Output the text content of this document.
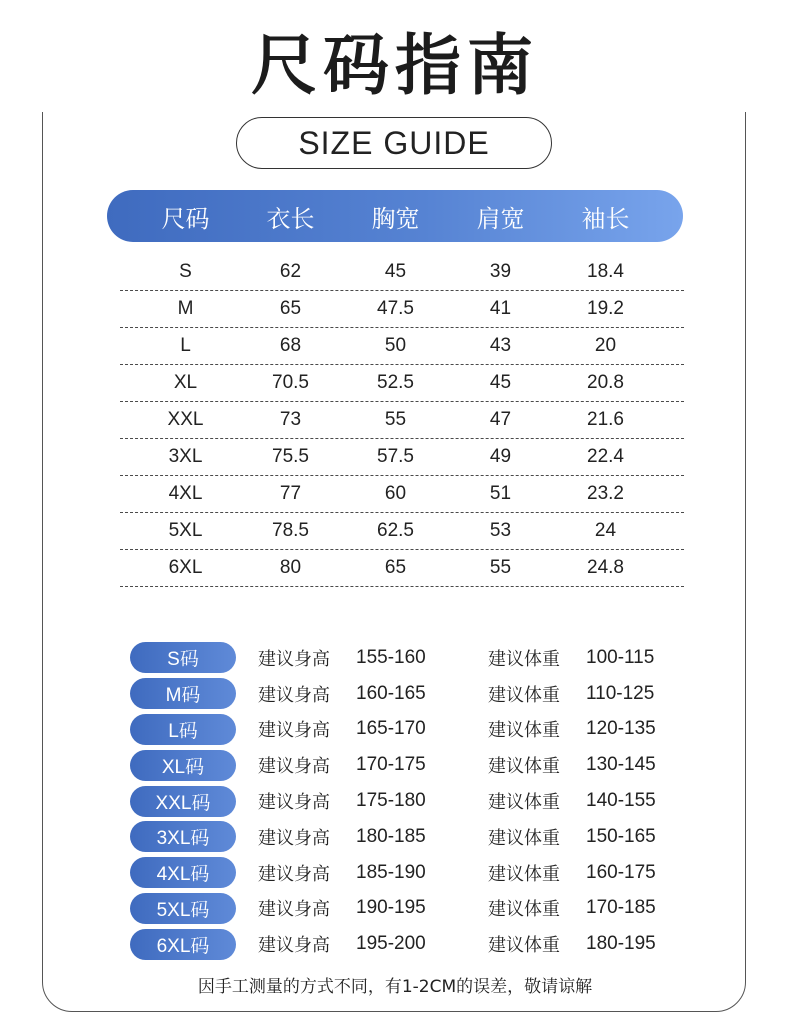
尺码指南
SIZE GUIDE
尺码	衣长	胸宽	肩宽	袖长
S	62	45	39	18.4
M	65	47.5	41	19.2
L	68	50	43	20
XL	70.5	52.5	45	20.8
XXL	73	55	47	21.6
3XL	75.5	57.5	49	22.4
4XL	77	60	51	23.2
5XL	78.5	62.5	53	24
6XL	80	65	55	24.8
S码	建议身高	155-160	建议体重	100-115
M码	建议身高	160-165	建议体重	110-125
L码	建议身高	165-170	建议体重	120-135
XL码	建议身高	170-175	建议体重	130-145
XXL码	建议身高	175-180	建议体重	140-155
3XL码	建议身高	180-185	建议体重	150-165
4XL码	建议身高	185-190	建议体重	160-175
5XL码	建议身高	190-195	建议体重	170-185
6XL码	建议身高	195-200	建议体重	180-195
因手工测量的方式不同，有1-2CM的误差，敬请谅解
